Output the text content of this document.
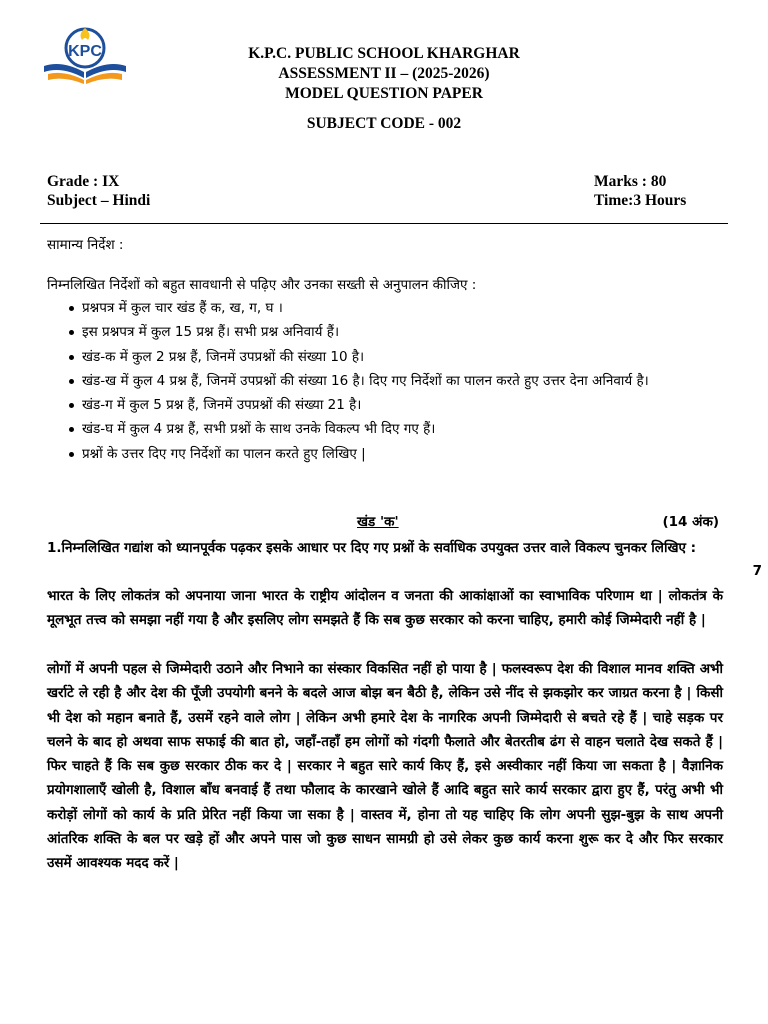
KPC	K.P.C. PUBLIC SCHOOL KHARGHAR
ASSESSMENT II – (2025-2026)
MODEL QUESTION PAPER
SUBJECT CODE - 002
Grade : IX
Subject – Hindi
Marks : 80
Time:3 Hours
सामान्य निर्देश :
निम्नलिखित निर्देशों को बहुत सावधानी से पढ़िए और उनका सख्ती से अनुपालन कीजिए :
प्रश्नपत्र में कुल चार खंड हैं क, ख, ग, घ ।
इस प्रश्नपत्र में कुल 15 प्रश्न हैं। सभी प्रश्न अनिवार्य हैं।
खंड-क में कुल 2 प्रश्न हैं, जिनमें उपप्रश्नों की संख्या 10 है।
खंड-ख में कुल 4 प्रश्न हैं, जिनमें उपप्रश्नों की संख्या 16 है। दिए गए निर्देशों का पालन करते हुए उत्तर देना अनिवार्य है।
खंड-ग में कुल 5 प्रश्न हैं, जिनमें उपप्रश्नों की संख्या 21 है।
खंड-घ में कुल 4 प्रश्न हैं, सभी प्रश्नों के साथ उनके विकल्प भी दिए गए हैं।
प्रश्नों के उत्तर दिए गए निर्देशों का पालन करते हुए लिखिए |
खंड 'क'	(14 अंक)
1.निम्नलिखित गद्यांश को ध्यानपूर्वक पढ़कर इसके आधार पर दिए गए प्रश्नों के सर्वाधिक उपयुक्त उत्तर वाले विकल्प चुनकर लिखिए :
7

भारत के लिए लोकतंत्र को अपनाया जाना भारत के राष्ट्रीय आंदोलन व जनता की आकांक्षाओं का स्वाभाविक परिणाम था | लोकतंत्र के मूलभूत तत्त्व को समझा नहीं गया है और इसलिए लोग समझते हैं कि सब कुछ सरकार को करना चाहिए, हमारी कोई जिम्मेदारी नहीं है |

लोगों में अपनी पहल से जिम्मेदारी उठाने और निभाने का संस्कार विकसित नहीं हो पाया है | फलस्वरूप देश की विशाल मानव शक्ति अभी खर्राटे ले रही है और देश की पूँजी उपयोगी बनने के बदले आज बोझ बन बैठी है, लेकिन उसे नींद से झकझोर कर जाग्रत करना है | किसी भी देश को महान बनाते हैं, उसमें रहने वाले लोग | लेकिन अभी हमारे देश के नागरिक अपनी जिम्मेदारी से बचते रहे हैं | चाहे सड़क पर चलने के बाद हो अथवा साफ सफाई की बात हो, जहाँ-तहाँ हम लोगों को गंदगी फैलाते और बेतरतीब ढंग से वाहन चलाते देख सकते हैं | फिर चाहते हैं कि सब कुछ सरकार ठीक कर दे | सरकार ने बहुत सारे कार्य किए हैं, इसे अस्वीकार नहीं किया जा सकता है | वैज्ञानिक प्रयोगशालाएँ खोली है, विशाल बाँध बनवाई हैं तथा फौलाद के कारखाने खोले हैं आदि बहुत सारे कार्य सरकार द्वारा हुए हैं, परंतु अभी भी करोड़ों लोगों को कार्य के प्रति प्रेरित नहीं किया जा सका है | वास्तव में, होना तो यह चाहिए कि लोग अपनी सुझ-बुझ के साथ अपनी आंतरिक शक्ति के बल पर खड़े हों और अपने पास जो कुछ साधन सामग्री हो उसे लेकर कुछ कार्य करना शुरू कर दे और फिर सरकार उसमें आवश्यक मदद करें |
